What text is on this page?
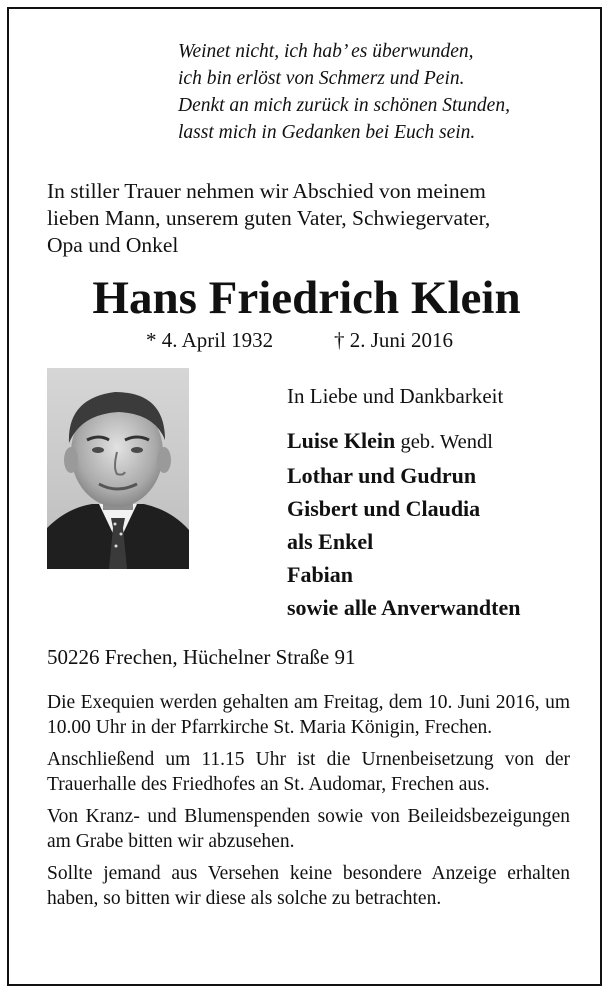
Weinet nicht, ich hab’ es überwunden,
ich bin erlöst von Schmerz und Pein.
Denkt an mich zurück in schönen Stunden,
lasst mich in Gedanken bei Euch sein.
In stiller Trauer nehmen wir Abschied von meinem
lieben Mann, unserem guten Vater, Schwiegervater,
Opa und Onkel
Hans Friedrich Klein
* 4. April 1932	† 2. Juni 2016
In Liebe und Dankbarkeit
Luise Klein geb. Wendl
Lothar und Gudrun
Gisbert und Claudia
als Enkel
Fabian
sowie alle Anverwandten
50226 Frechen, Hüchelner Straße 91

Die Exequien werden gehalten am Freitag, dem 10. Juni 2016, um 10.00 Uhr in der Pfarrkirche St. Maria Königin, Frechen.

Anschließend um 11.15 Uhr ist die Urnenbeisetzung von der Trauerhalle des Friedhofes an St. Audomar, Frechen aus.

Von Kranz- und Blumenspenden sowie von Beileidsbezeigungen am Grabe bitten wir abzusehen.

Sollte jemand aus Versehen keine besondere Anzeige erhalten haben, so bitten wir diese als solche zu betrachten.
